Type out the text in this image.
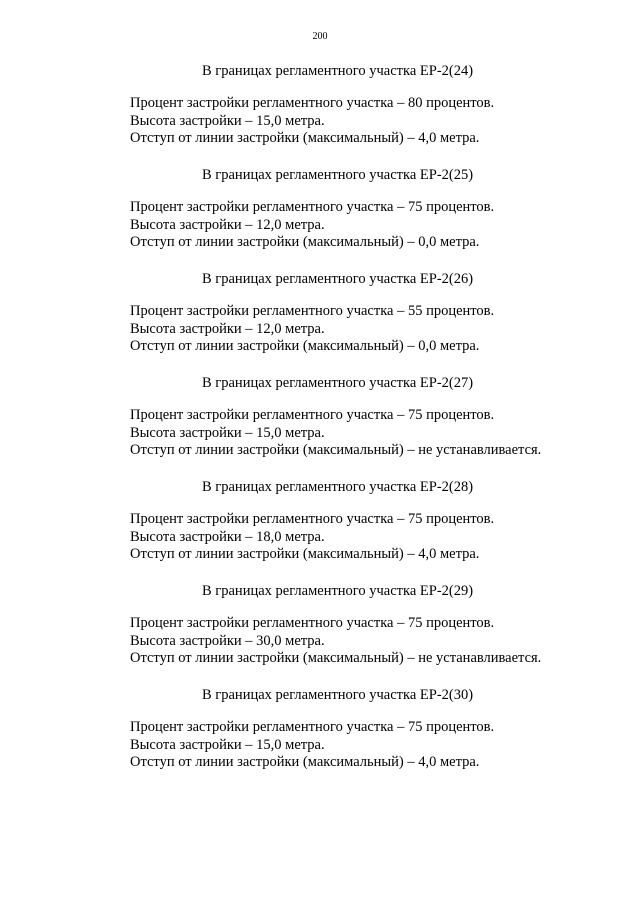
200
В границах регламентного участка ЕР-2(24)
Процент застройки регламентного участка – 80 процентов.
Высота застройки – 15,0 метра.
Отступ от линии застройки (максимальный) – 4,0 метра.
В границах регламентного участка ЕР-2(25)
Процент застройки регламентного участка – 75 процентов.
Высота застройки – 12,0 метра.
Отступ от линии застройки (максимальный) – 0,0 метра.
В границах регламентного участка ЕР-2(26)
Процент застройки регламентного участка – 55 процентов.
Высота застройки – 12,0 метра.
Отступ от линии застройки (максимальный) – 0,0 метра.
В границах регламентного участка ЕР-2(27)
Процент застройки регламентного участка – 75 процентов.
Высота застройки – 15,0 метра.
Отступ от линии застройки (максимальный) – не устанавливается.
В границах регламентного участка ЕР-2(28)
Процент застройки регламентного участка – 75 процентов.
Высота застройки – 18,0 метра.
Отступ от линии застройки (максимальный) – 4,0 метра.
В границах регламентного участка ЕР-2(29)
Процент застройки регламентного участка – 75 процентов.
Высота застройки – 30,0 метра.
Отступ от линии застройки (максимальный) – не устанавливается.
В границах регламентного участка ЕР-2(30)
Процент застройки регламентного участка – 75 процентов.
Высота застройки – 15,0 метра.
Отступ от линии застройки (максимальный) – 4,0 метра.
